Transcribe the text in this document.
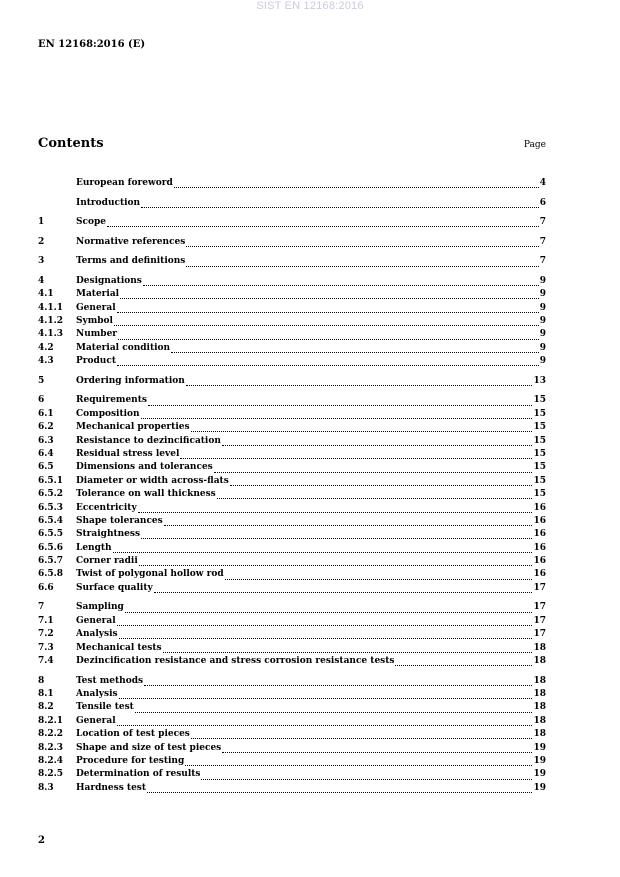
SIST EN 12168:2016
EN 12168:2016 (E)
Contents	Page
European foreword	4
Introduction	6
1	Scope	7
2	Normative references	7
3	Terms and definitions	7
4	Designations	9
4.1	Material	9
4.1.1	General	9
4.1.2	Symbol	9
4.1.3	Number	9
4.2	Material condition	9
4.3	Product	9
5	Ordering information	13
6	Requirements	15
6.1	Composition	15
6.2	Mechanical properties	15
6.3	Resistance to dezincification	15
6.4	Residual stress level	15
6.5	Dimensions and tolerances	15
6.5.1	Diameter or width across-flats	15
6.5.2	Tolerance on wall thickness	15
6.5.3	Eccentricity	16
6.5.4	Shape tolerances	16
6.5.5	Straightness	16
6.5.6	Length	16
6.5.7	Corner radii	16
6.5.8	Twist of polygonal hollow rod	16
6.6	Surface quality	17
7	Sampling	17
7.1	General	17
7.2	Analysis	17
7.3	Mechanical tests	18
7.4	Dezincification resistance and stress corrosion resistance tests	18
8	Test methods	18
8.1	Analysis	18
8.2	Tensile test	18
8.2.1	General	18
8.2.2	Location of test pieces	18
8.2.3	Shape and size of test pieces	19
8.2.4	Procedure for testing	19
8.2.5	Determination of results	19
8.3	Hardness test	19
2
